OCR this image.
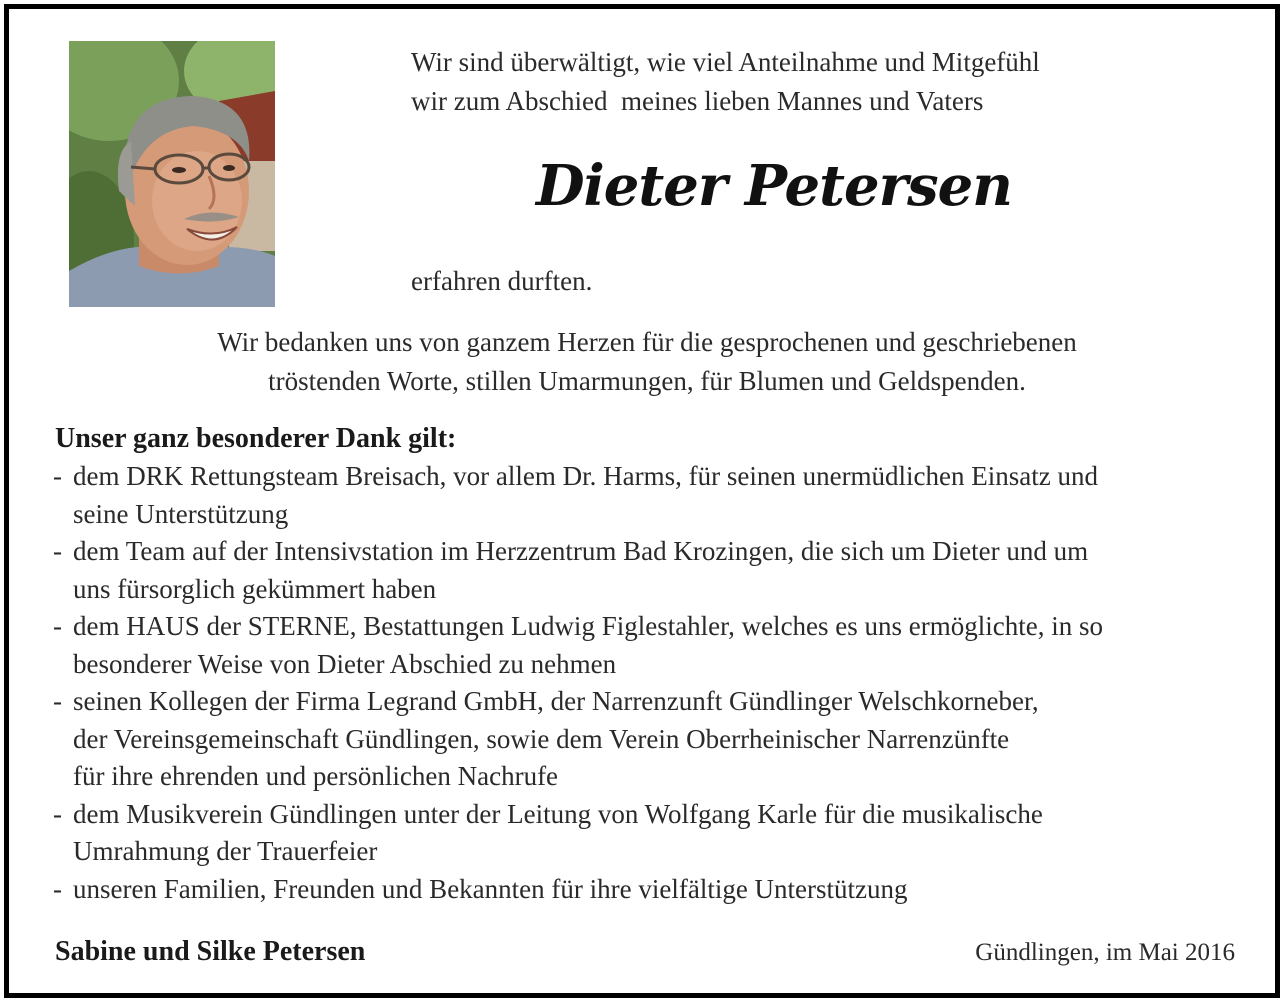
Wir sind überwältigt, wie viel Anteilnahme und Mitgefühl
wir zum Abschied  meines lieben Mannes und Vaters
Dieter Petersen
erfahren durften.
Wir bedanken uns von ganzem Herzen für die gesprochenen und geschriebenen
tröstenden Worte, stillen Umarmungen, für Blumen und Geldspenden.
Unser ganz besonderer Dank gilt:
- dem DRK Rettungsteam Breisach, vor allem Dr. Harms, für seinen unermüdlichen Einsatz und
seine Unterstützung
- dem Team auf der Intensivstation im Herzzentrum Bad Krozingen, die sich um Dieter und um
uns fürsorglich gekümmert haben
- dem HAUS der STERNE, Bestattungen Ludwig Figlestahler, welches es uns ermöglichte, in so
besonderer Weise von Dieter Abschied zu nehmen
- seinen Kollegen der Firma Legrand GmbH, der Narrenzunft Gündlinger Welschkorneber,
der Vereinsgemeinschaft Gündlingen, sowie dem Verein Oberrheinischer Narrenzünfte
für ihre ehrenden und persönlichen Nachrufe
- dem Musikverein Gündlingen unter der Leitung von Wolfgang Karle für die musikalische
Umrahmung der Trauerfeier
- unseren Familien, Freunden und Bekannten für ihre vielfältige Unterstützung
Sabine und Silke Petersen	Gündlingen, im Mai 2016
